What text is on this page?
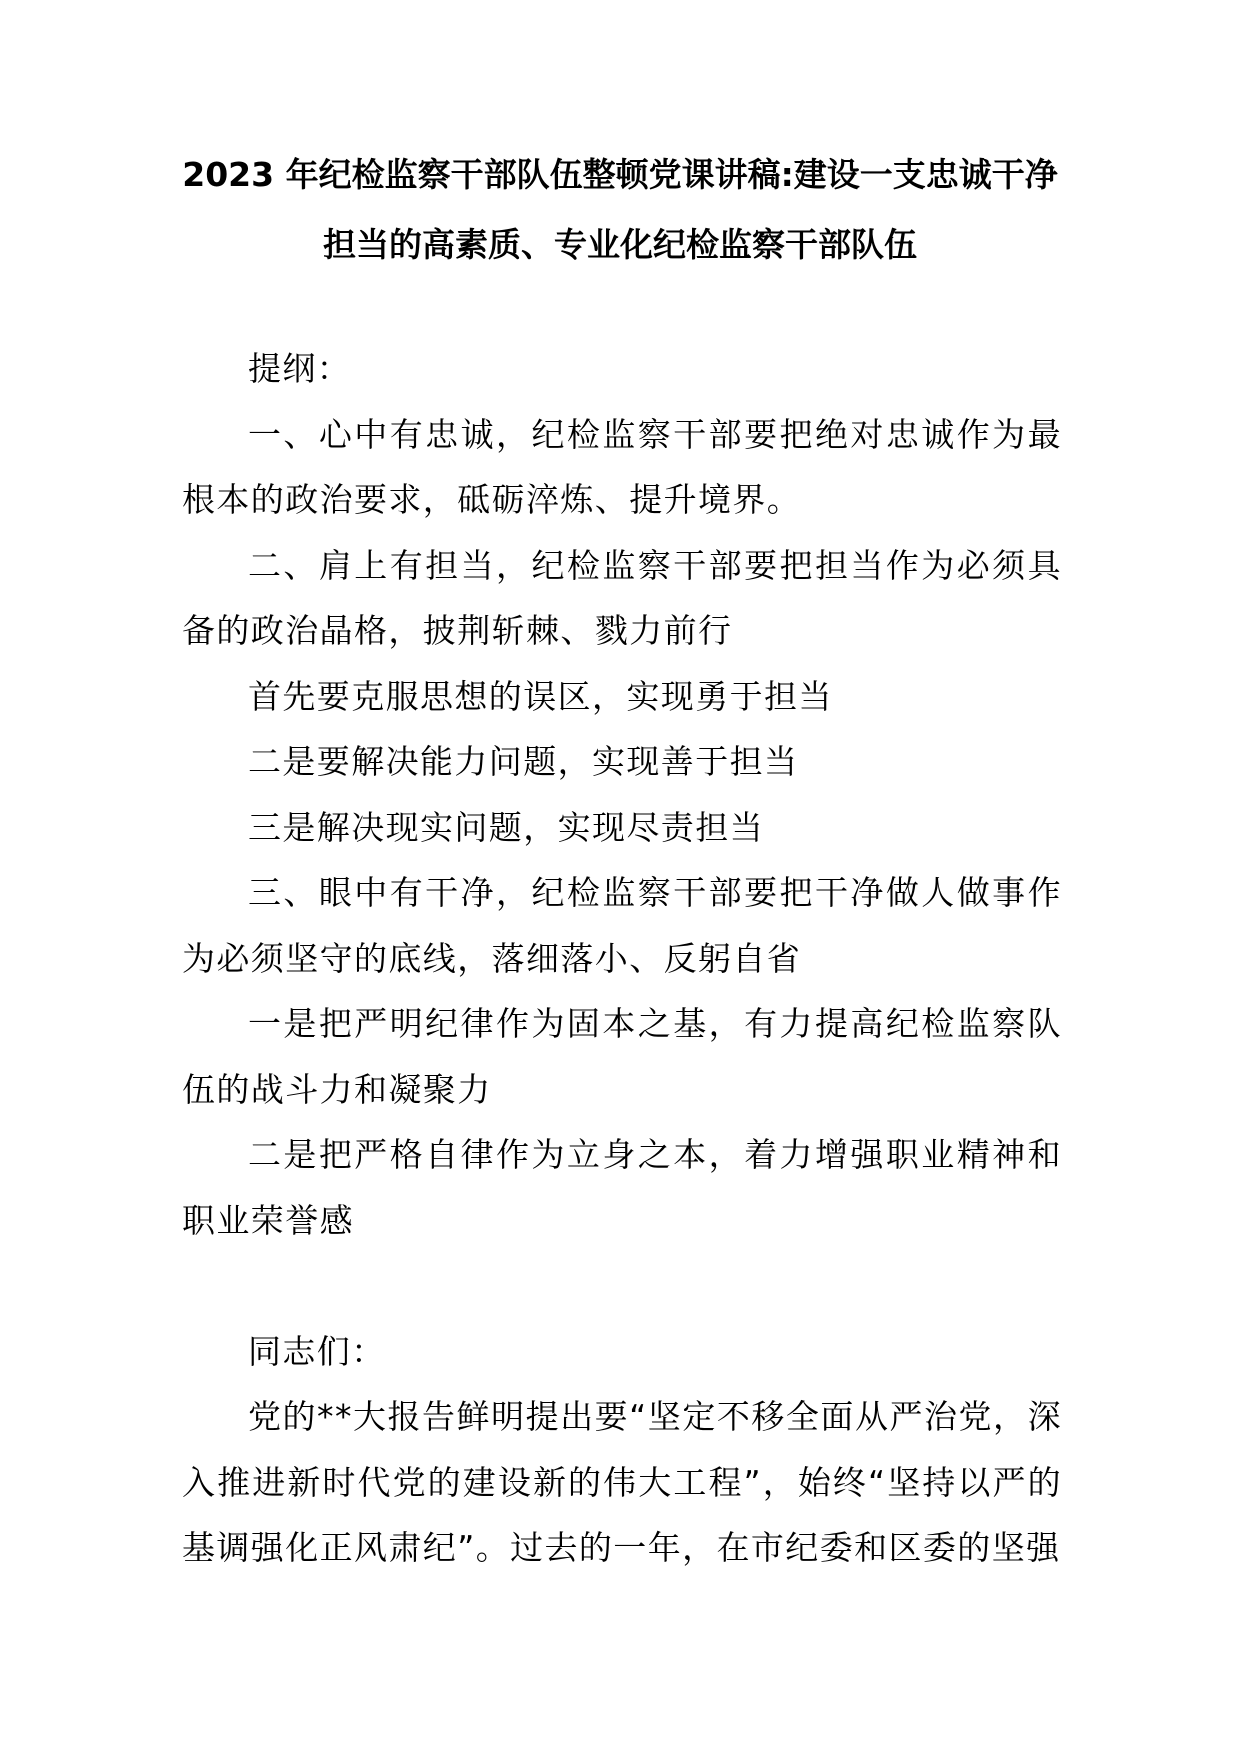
2023 年纪检监察干部队伍整顿党课讲稿:建设一支忠诚干净
担当的高素质、专业化纪检监察干部队伍

提纲：

一、心中有忠诚，纪检监察干部要把绝对忠诚作为最根本的政治要求，砥砺淬炼、提升境界。

二、肩上有担当，纪检监察干部要把担当作为必须具备的政治晶格，披荆斩棘、戮力前行

首先要克服思想的误区，实现勇于担当

二是要解决能力问题，实现善于担当

三是解决现实问题，实现尽责担当

三、眼中有干净，纪检监察干部要把干净做人做事作为必须坚守的底线，落细落小、反躬自省

一是把严明纪律作为固本之基，有力提高纪检监察队伍的战斗力和凝聚力

二是把严格自律作为立身之本，着力增强职业精神和职业荣誉感

同志们：

党的**大报告鲜明提出要“坚定不移全面从严治党，深入推进新时代党的建设新的伟大工程”，始终“坚持以严的基调强化正风肃纪”。过去的一年，在市纪委和区委的坚强
